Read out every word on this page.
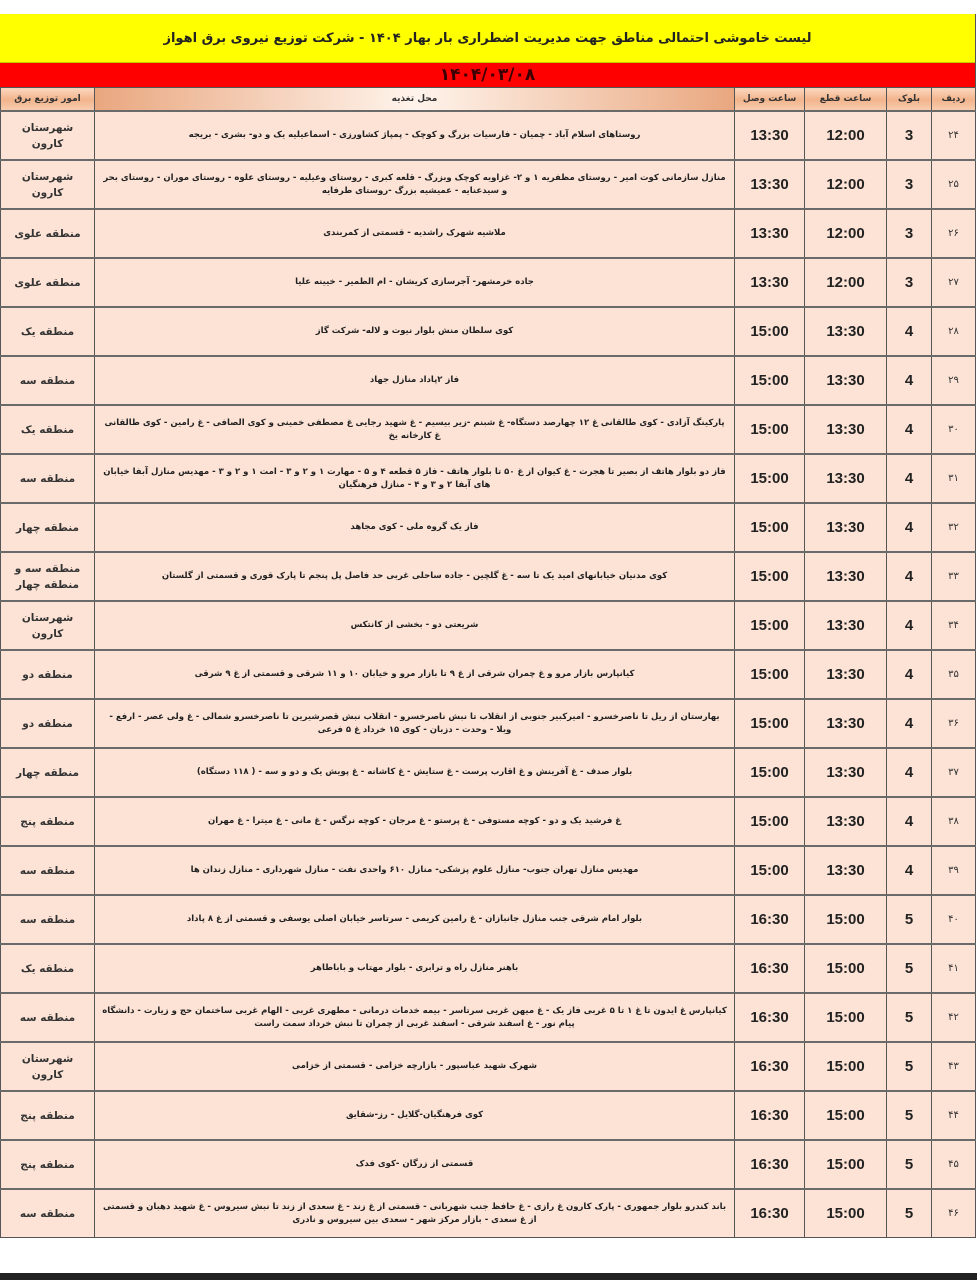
لیست خاموشی احتمالی مناطق جهت مدیریت اضطراری بار بهار ۱۴۰۴ - شرکت توزیع نیروی برق اهواز
۱۴۰۴/۰۳/۰۸
ردیف	بلوک	ساعت قطع	ساعت وصل	محل تغذیه	امور توزیع برق
۲۴	3	12:00	13:30	روستاهای اسلام آباد - چمیان - فارسیات بزرگ و کوچک - پمپاژ کشاورزی - اسماعیلیه یک و دو- بشری - بریجه	شهرستان کارون
۲۵	3	12:00	13:30	منازل سازمانی کوت امیر - روستای مظفریه ۱ و ۲- غزاویه کوچک وبزرگ - قلعه کبری - روستای وعیلیه - روستای علوه - روستای موران - روستای بحر و سیدعنایه - عمیشیه بزرگ -روستای طرفایه	شهرستان کارون
۲۶	3	12:00	13:30	ملاشیه شهرک راشدیه - قسمتی از کمربندی	منطقه علوی
۲۷	3	12:00	13:30	جاده خرمشهر- آجرسازی کریشان - ام الطمیر - خیینه علیا	منطقه علوی
۲۸	4	13:30	15:00	کوی سلطان منش بلوار نیوت و لاله- شرکت گاز	منطقه یک
۲۹	4	13:30	15:00	فاز ۲پاداد منازل جهاد	منطقه سه
۳۰	4	13:30	15:00	پارکینگ آزادی - کوی طالقانی غ ۱۲ چهارصد دستگاه- غ شبنم -زیر بیسیم - غ شهید رجایی غ مصطفی خمینی و کوی الصافی - غ رامین - کوی طالقانی غ کارخانه یخ	منطقه یک
۳۱	4	13:30	15:00	فاز دو بلوار هاتف از بصیر تا هجرت - غ کیوان از غ ۵۰ تا بلوار هاتف - فاز ۵ قطعه ۴ و ۵ - مهارت ۱ و ۲ و ۳ - امت ۱ و ۲ و ۳ - مهدیس منازل آبفا خیابان های آبفا ۲ و ۳ و ۴ - منازل فرهنگیان	منطقه سه
۳۲	4	13:30	15:00	فاز یک گروه ملی - کوی مجاهد	منطقه چهار
۳۳	4	13:30	15:00	کوی مدنیان خیابانهای امید یک تا سه - غ گلچین - جاده ساحلی غربی حد فاصل پل پنجم تا پارک قوری و قسمتی از گلستان	منطقه سه و منطقه چهار
۳۴	4	13:30	15:00	شریعتی دو - بخشی از کانتکس	شهرستان کارون
۳۵	4	13:30	15:00	کیانپارس بازار مرو و غ چمران شرقی از غ ۹ تا بازار مرو و خیابان ۱۰ و ۱۱ شرقی و قسمتی از غ ۹ شرقی	منطقه دو
۳۶	4	13:30	15:00	بهارستان از ریل تا ناصرخسرو - امیرکبیر جنوبی از انقلاب تا نبش ناصرخسرو - انقلاب نبش قصرشیرین تا ناصرخسرو شمالی - غ ولی عصر - ارفع - ویلا - وحدت - دزبان - کوی ۱۵ خرداد غ ۵ فرعی	منطقه دو
۳۷	4	13:30	15:00	بلوار صدف - غ آفرینش و غ اقارب پرست - غ ستایش - غ کاشانه - غ پویش یک و دو و سه - ( ۱۱۸ دستگاه)	منطقه چهار
۳۸	4	13:30	15:00	غ فرشید یک و دو - کوچه مستوفی - غ پرستو - غ مرجان - کوچه نرگس - غ مانی - غ میترا - غ مهران	منطقه پنج
۳۹	4	13:30	15:00	مهدیس منازل تهران جنوب- منازل علوم پزشکی- منازل ۶۱۰ واحدی نفت - منازل شهرداری - منازل زندان ها	منطقه سه
۴۰	5	15:00	16:30	بلوار امام شرقی جنب منازل جانبازان - غ رامین کریمی - سرتاسر خیابان اصلی یوسفی و قسمتی از غ ۸ پاداد	منطقه سه
۴۱	5	15:00	16:30	باهنر منازل راه و ترابری - بلوار مهتاب و باباطاهر	منطقه یک
۴۲	5	15:00	16:30	کیانپارس غ ایدون تا غ ۱ تا ۵ غربی فاز یک - غ میهن غربی سرتاسر - بیمه خدمات درمانی - مطهری غربی - الهام غربی ساختمان حج و زیارت - دانشگاه پیام نور - غ اسفند شرقی - اسفند غربی از چمران تا نبش خرداد سمت راست	منطقه سه
۴۳	5	15:00	16:30	شهرک شهید عباسپور - بازارچه خزامی - قسمتی از خزامی	شهرستان کارون
۴۴	5	15:00	16:30	کوی فرهنگیان-گلایل - رز-شقایق	منطقه پنج
۴۵	5	15:00	16:30	قسمتی از زرگان -کوی فدک	منطقه پنج
۴۶	5	15:00	16:30	باند کندرو بلوار جمهوری - پارک کارون غ رازی - غ حافظ جنب شهربانی - قسمتی از غ زند - غ سعدی از زند تا نبش سیروس - غ شهید دهبان و قسمتی از غ سعدی - بازار مرکز شهر - سعدی بین سیروس و نادری	منطقه سه
